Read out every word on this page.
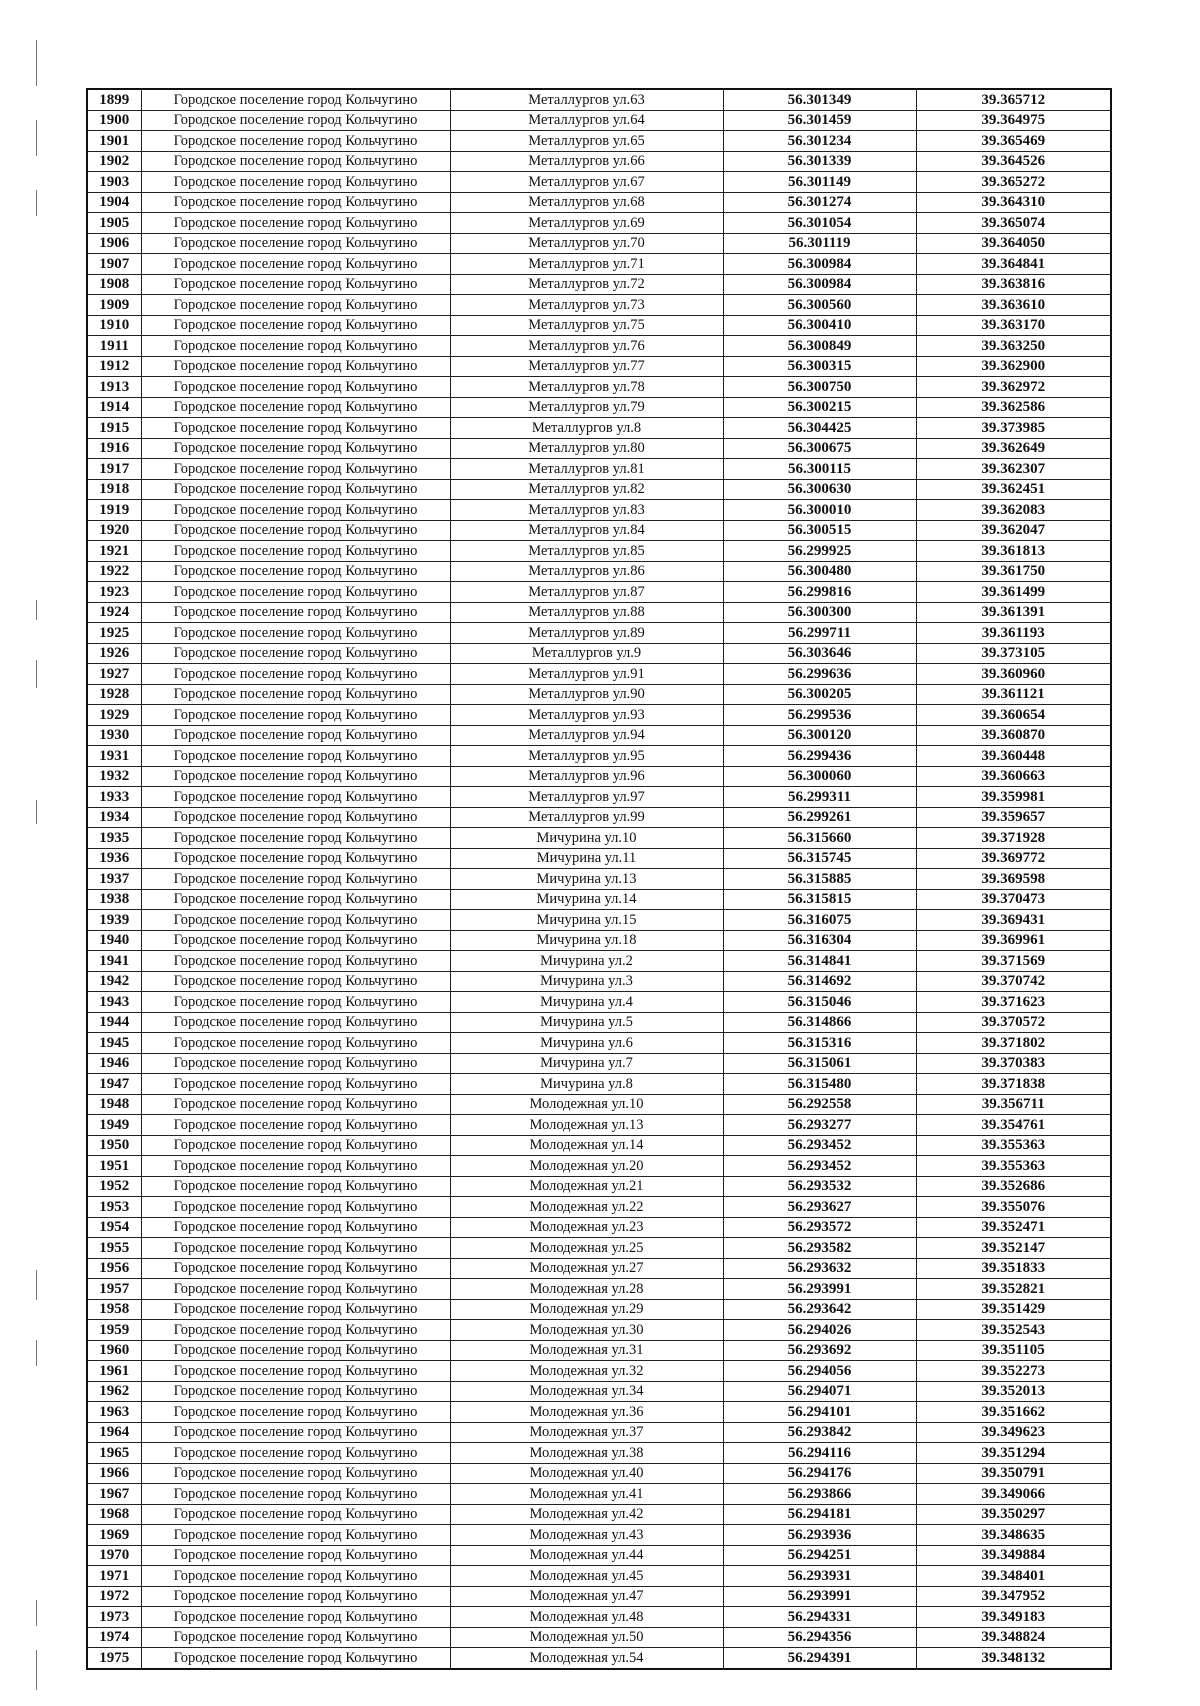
1899	Городское поселение город Кольчугино	Металлургов ул.63	56.301349	39.365712
1900	Городское поселение город Кольчугино	Металлургов ул.64	56.301459	39.364975
1901	Городское поселение город Кольчугино	Металлургов ул.65	56.301234	39.365469
1902	Городское поселение город Кольчугино	Металлургов ул.66	56.301339	39.364526
1903	Городское поселение город Кольчугино	Металлургов ул.67	56.301149	39.365272
1904	Городское поселение город Кольчугино	Металлургов ул.68	56.301274	39.364310
1905	Городское поселение город Кольчугино	Металлургов ул.69	56.301054	39.365074
1906	Городское поселение город Кольчугино	Металлургов ул.70	56.301119	39.364050
1907	Городское поселение город Кольчугино	Металлургов ул.71	56.300984	39.364841
1908	Городское поселение город Кольчугино	Металлургов ул.72	56.300984	39.363816
1909	Городское поселение город Кольчугино	Металлургов ул.73	56.300560	39.363610
1910	Городское поселение город Кольчугино	Металлургов ул.75	56.300410	39.363170
1911	Городское поселение город Кольчугино	Металлургов ул.76	56.300849	39.363250
1912	Городское поселение город Кольчугино	Металлургов ул.77	56.300315	39.362900
1913	Городское поселение город Кольчугино	Металлургов ул.78	56.300750	39.362972
1914	Городское поселение город Кольчугино	Металлургов ул.79	56.300215	39.362586
1915	Городское поселение город Кольчугино	Металлургов ул.8	56.304425	39.373985
1916	Городское поселение город Кольчугино	Металлургов ул.80	56.300675	39.362649
1917	Городское поселение город Кольчугино	Металлургов ул.81	56.300115	39.362307
1918	Городское поселение город Кольчугино	Металлургов ул.82	56.300630	39.362451
1919	Городское поселение город Кольчугино	Металлургов ул.83	56.300010	39.362083
1920	Городское поселение город Кольчугино	Металлургов ул.84	56.300515	39.362047
1921	Городское поселение город Кольчугино	Металлургов ул.85	56.299925	39.361813
1922	Городское поселение город Кольчугино	Металлургов ул.86	56.300480	39.361750
1923	Городское поселение город Кольчугино	Металлургов ул.87	56.299816	39.361499
1924	Городское поселение город Кольчугино	Металлургов ул.88	56.300300	39.361391
1925	Городское поселение город Кольчугино	Металлургов ул.89	56.299711	39.361193
1926	Городское поселение город Кольчугино	Металлургов ул.9	56.303646	39.373105
1927	Городское поселение город Кольчугино	Металлургов ул.91	56.299636	39.360960
1928	Городское поселение город Кольчугино	Металлургов ул.90	56.300205	39.361121
1929	Городское поселение город Кольчугино	Металлургов ул.93	56.299536	39.360654
1930	Городское поселение город Кольчугино	Металлургов ул.94	56.300120	39.360870
1931	Городское поселение город Кольчугино	Металлургов ул.95	56.299436	39.360448
1932	Городское поселение город Кольчугино	Металлургов ул.96	56.300060	39.360663
1933	Городское поселение город Кольчугино	Металлургов ул.97	56.299311	39.359981
1934	Городское поселение город Кольчугино	Металлургов ул.99	56.299261	39.359657
1935	Городское поселение город Кольчугино	Мичурина ул.10	56.315660	39.371928
1936	Городское поселение город Кольчугино	Мичурина ул.11	56.315745	39.369772
1937	Городское поселение город Кольчугино	Мичурина ул.13	56.315885	39.369598
1938	Городское поселение город Кольчугино	Мичурина ул.14	56.315815	39.370473
1939	Городское поселение город Кольчугино	Мичурина ул.15	56.316075	39.369431
1940	Городское поселение город Кольчугино	Мичурина ул.18	56.316304	39.369961
1941	Городское поселение город Кольчугино	Мичурина ул.2	56.314841	39.371569
1942	Городское поселение город Кольчугино	Мичурина ул.3	56.314692	39.370742
1943	Городское поселение город Кольчугино	Мичурина ул.4	56.315046	39.371623
1944	Городское поселение город Кольчугино	Мичурина ул.5	56.314866	39.370572
1945	Городское поселение город Кольчугино	Мичурина ул.6	56.315316	39.371802
1946	Городское поселение город Кольчугино	Мичурина ул.7	56.315061	39.370383
1947	Городское поселение город Кольчугино	Мичурина ул.8	56.315480	39.371838
1948	Городское поселение город Кольчугино	Молодежная ул.10	56.292558	39.356711
1949	Городское поселение город Кольчугино	Молодежная ул.13	56.293277	39.354761
1950	Городское поселение город Кольчугино	Молодежная ул.14	56.293452	39.355363
1951	Городское поселение город Кольчугино	Молодежная ул.20	56.293452	39.355363
1952	Городское поселение город Кольчугино	Молодежная ул.21	56.293532	39.352686
1953	Городское поселение город Кольчугино	Молодежная ул.22	56.293627	39.355076
1954	Городское поселение город Кольчугино	Молодежная ул.23	56.293572	39.352471
1955	Городское поселение город Кольчугино	Молодежная ул.25	56.293582	39.352147
1956	Городское поселение город Кольчугино	Молодежная ул.27	56.293632	39.351833
1957	Городское поселение город Кольчугино	Молодежная ул.28	56.293991	39.352821
1958	Городское поселение город Кольчугино	Молодежная ул.29	56.293642	39.351429
1959	Городское поселение город Кольчугино	Молодежная ул.30	56.294026	39.352543
1960	Городское поселение город Кольчугино	Молодежная ул.31	56.293692	39.351105
1961	Городское поселение город Кольчугино	Молодежная ул.32	56.294056	39.352273
1962	Городское поселение город Кольчугино	Молодежная ул.34	56.294071	39.352013
1963	Городское поселение город Кольчугино	Молодежная ул.36	56.294101	39.351662
1964	Городское поселение город Кольчугино	Молодежная ул.37	56.293842	39.349623
1965	Городское поселение город Кольчугино	Молодежная ул.38	56.294116	39.351294
1966	Городское поселение город Кольчугино	Молодежная ул.40	56.294176	39.350791
1967	Городское поселение город Кольчугино	Молодежная ул.41	56.293866	39.349066
1968	Городское поселение город Кольчугино	Молодежная ул.42	56.294181	39.350297
1969	Городское поселение город Кольчугино	Молодежная ул.43	56.293936	39.348635
1970	Городское поселение город Кольчугино	Молодежная ул.44	56.294251	39.349884
1971	Городское поселение город Кольчугино	Молодежная ул.45	56.293931	39.348401
1972	Городское поселение город Кольчугино	Молодежная ул.47	56.293991	39.347952
1973	Городское поселение город Кольчугино	Молодежная ул.48	56.294331	39.349183
1974	Городское поселение город Кольчугино	Молодежная ул.50	56.294356	39.348824
1975	Городское поселение город Кольчугино	Молодежная ул.54	56.294391	39.348132
